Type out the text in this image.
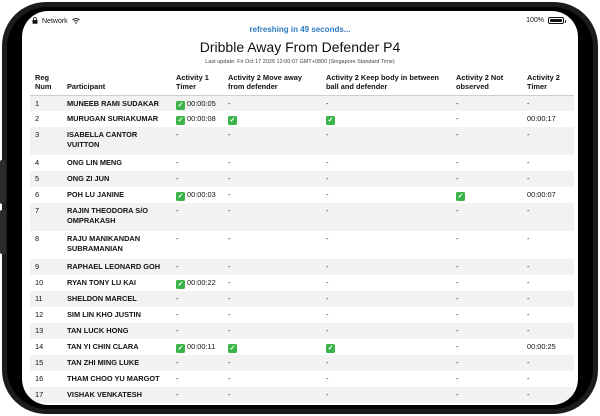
Network	100%
refreshing in 49 seconds...
Dribble Away From Defender P4
Last update: Fri Oct 17 2025 12:00:07 GMT+0800 (Singapore Standard Time)
Reg Num	Participant	Activity 1 Timer	Activity 2 Move away from defender	Activity 2 Keep body in between ball and defender	Activity 2 Not observed	Activity 2 Timer
1	MUNEEB RAMI SUDAKAR	✓ 00:00:05	-	-	-	-
2	MURUGAN SURIAKUMAR	✓ 00:00:08	✓	✓	-	00:00:17
3	ISABELLA CANTOR VUITTON	-	-	-	-	-
4	ONG LIN MENG	-	-	-	-	-
5	ONG ZI JUN	-	-	-	-	-
6	POH LU JANINE	✓ 00:00:03	-	-	✓	00:00:07
7	RAJIN THEODORA S/O OMPRAKASH	-	-	-	-	-
8	RAJU MANIKANDAN SUBRAMANIAN	-	-	-	-	-
9	RAPHAEL LEONARD GOH	-	-	-	-	-
10	RYAN TONY LU KAI	✓ 00:00:22	-	-	-	-
11	SHELDON MARCEL	-	-	-	-	-
12	SIM LIN KHO JUSTIN	-	-	-	-	-
13	TAN LUCK HONG	-	-	-	-	-
14	TAN YI CHIN CLARA	✓ 00:00:11	✓	✓	-	00:00:25
15	TAN ZHI MING LUKE	-	-	-	-	-
16	THAM CHOO YU MARGOT	-	-	-	-	-
17	VISHAK VENKATESH	-	-	-	-	-
